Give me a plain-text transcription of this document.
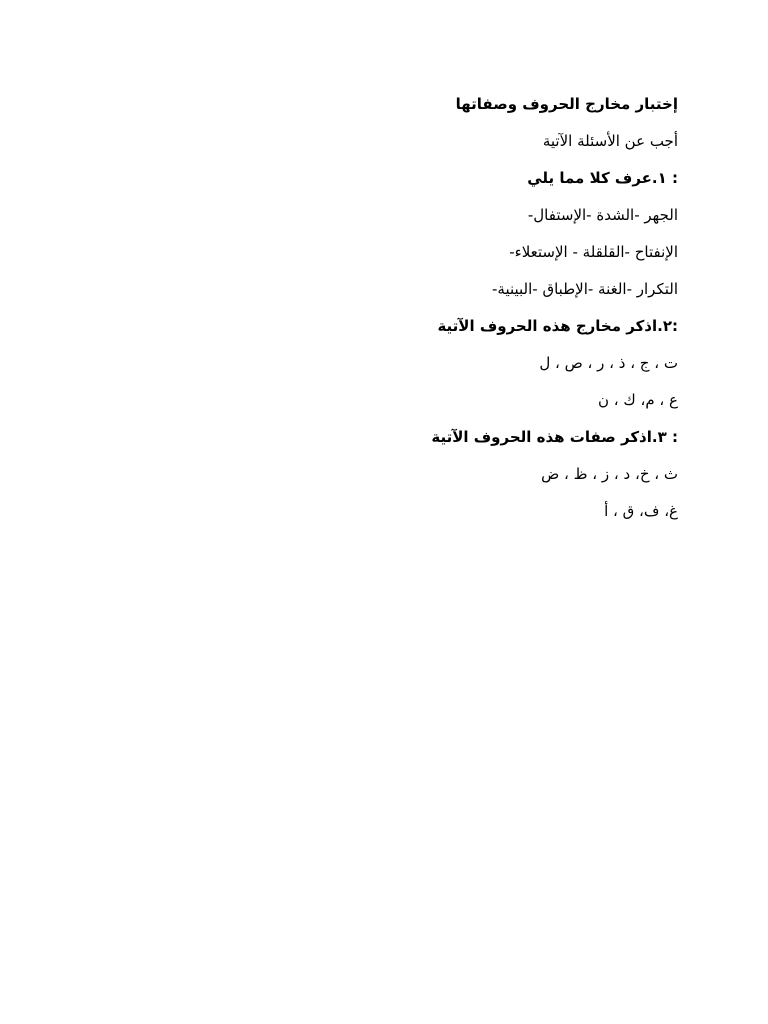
إختبار مخارج الحروف وصفاتها
أجب عن الأسئلة الآتية
: ١.عرف كلا مما يلي
الجهر -الشدة -الإستفال-
الإنفتاح -القلقلة - الإستعلاء-
التكرار -الغنة -الإطباق -البينية-
:٢.اذكر مخارج هذه الحروف الآتية
ت ، ج ، ذ ، ر ، ص ، ل
ع ، م، ك ، ن
: ٣.اذكر صفات هذه الحروف الآتية
ث ، خ، د ، ز ، ظ ، ض
غ، ف، ق ، أ
